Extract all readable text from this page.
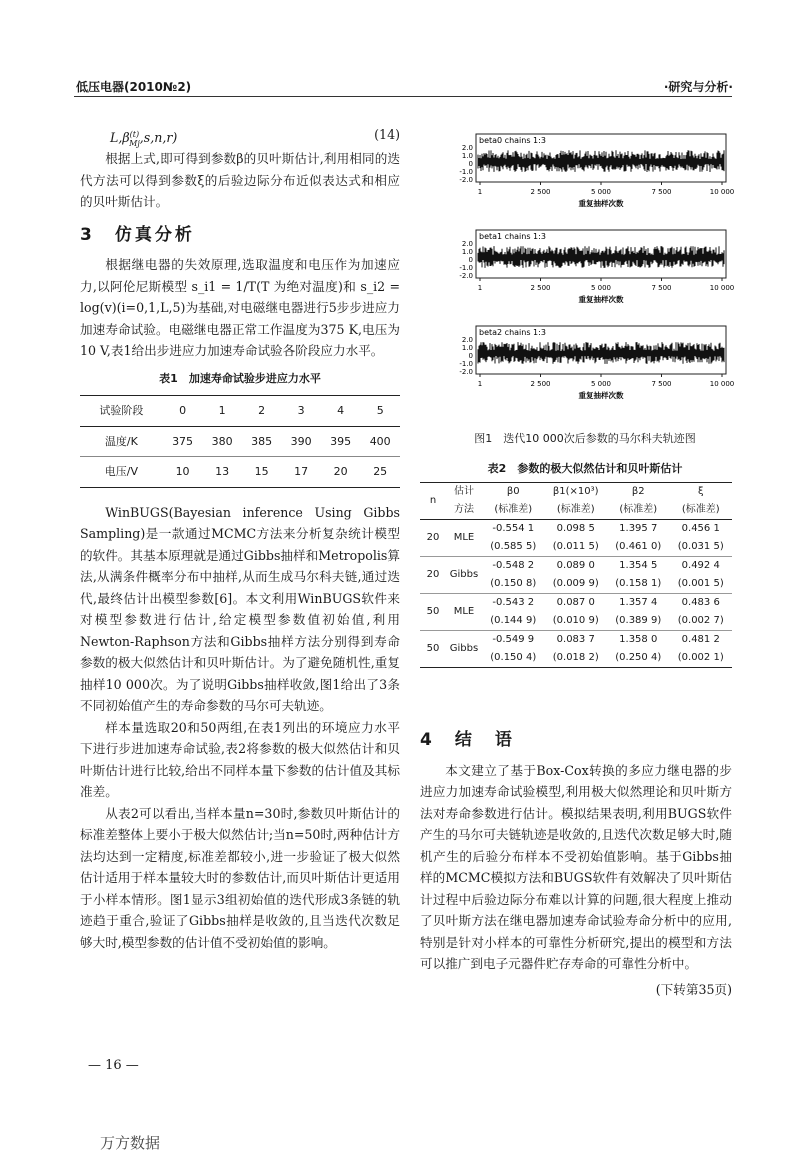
低压电器(2010№2)	·研究与分析·
$L,\beta^{(t)}_{Mj},s,n,r$)	(14)

根据上式,即可得到参数β的贝叶斯估计,利用相同的迭代方法可以得到参数ξ的后验边际分布近似表达式和相应的贝叶斯估计。

3　仿真分析

根据继电器的失效原理,选取温度和电压作为加速应力,以阿伦尼斯模型 s_i1 = 1/T(T 为绝对温度)和 s_i2 = log(v)(i=0,1,L,5)为基础,对电磁继电器进行5步步进应力加速寿命试验。电磁继电器正常工作温度为375 K,电压为10 V,表1给出步进应力加速寿命试验各阶段应力水平。

表1　加速寿命试验步进应力水平
试验阶段	0	1	2	3	4	5
温度/K	375	380	385	390	395	400
电压/V	10	13	15	17	20	25

WinBUGS(Bayesian inference Using Gibbs Sampling)是一款通过MCMC方法来分析复杂统计模型的软件。其基本原理就是通过Gibbs抽样和Metropolis算法,从满条件概率分布中抽样,从而生成马尔科夫链,通过迭代,最终估计出模型参数[6]。本文利用WinBUGS软件来对模型参数进行估计,给定模型参数值初始值,利用Newton-Raphson方法和Gibbs抽样方法分别得到寿命参数的极大似然估计和贝叶斯估计。为了避免随机性,重复抽样10 000次。为了说明Gibbs抽样收敛,图1给出了3条不同初始值产生的寿命参数的马尔可夫轨迹。

样本量选取20和50两组,在表1列出的环境应力水平下进行步进加速寿命试验,表2将参数的极大似然估计和贝叶斯估计进行比较,给出不同样本量下参数的估计值及其标准差。

从表2可以看出,当样本量n=30时,参数贝叶斯估计的标准差整体上要小于极大似然估计;当n=50时,两种估计方法均达到一定精度,标准差都较小,进一步验证了极大似然估计适用于样本量较大时的参数估计,而贝叶斯估计更适用于小样本情形。图1显示3组初始值的迭代形成3条链的轨迹趋于重合,验证了Gibbs抽样是收敛的,且当迭代次数足够大时,模型参数的估计值不受初始值的影响。

— 16 —
beta0 chains 1:3
2.0
1.0
0
-1.0
-2.0
1	2 500	5 000	7 500	10 000
重复抽样次数
beta1 chains 1:3
2.0
1.0
0
-1.0
-2.0
1	2 500	5 000	7 500	10 000
重复抽样次数
beta2 chains 1:3
2.0
1.0
0
-1.0
-2.0
1	2 500	5 000	7 500	10 000
重复抽样次数
图1　迭代10 000次后参数的马尔科夫轨迹图
表2　参数的极大似然估计和贝叶斯估计
n	估计	β0	β1(×10³)	β2	ξ
	方法	(标准差)	(标准差)	(标准差)	(标准差)
20	MLE	-0.554 1	0.098 5	1.395 7	0.456 1
		(0.585 5)	(0.011 5)	(0.461 0)	(0.031 5)
20	Gibbs	-0.548 2	0.089 0	1.354 5	0.492 4
		(0.150 8)	(0.009 9)	(0.158 1)	(0.001 5)
50	MLE	-0.543 2	0.087 0	1.357 4	0.483 6
		(0.144 9)	(0.010 9)	(0.389 9)	(0.002 7)
50	Gibbs	-0.549 9	0.083 7	1.358 0	0.481 2
		(0.150 4)	(0.018 2)	(0.250 4)	(0.002 1)
4　结　语

本文建立了基于Box-Cox转换的多应力继电器的步进应力加速寿命试验模型,利用极大似然理论和贝叶斯方法对寿命参数进行估计。模拟结果表明,利用BUGS软件产生的马尔可夫链轨迹是收敛的,且迭代次数足够大时,随机产生的后验分布样本不受初始值影响。基于Gibbs抽样的MCMC模拟方法和BUGS软件有效解决了贝叶斯估计过程中后验边际分布难以计算的问题,很大程度上推动了贝叶斯方法在继电器加速寿命试验寿命分析中的应用,特别是针对小样本的可靠性分析研究,提出的模型和方法可以推广到电子元器件贮存寿命的可靠性分析中。

(下转第35页)
万方数据
